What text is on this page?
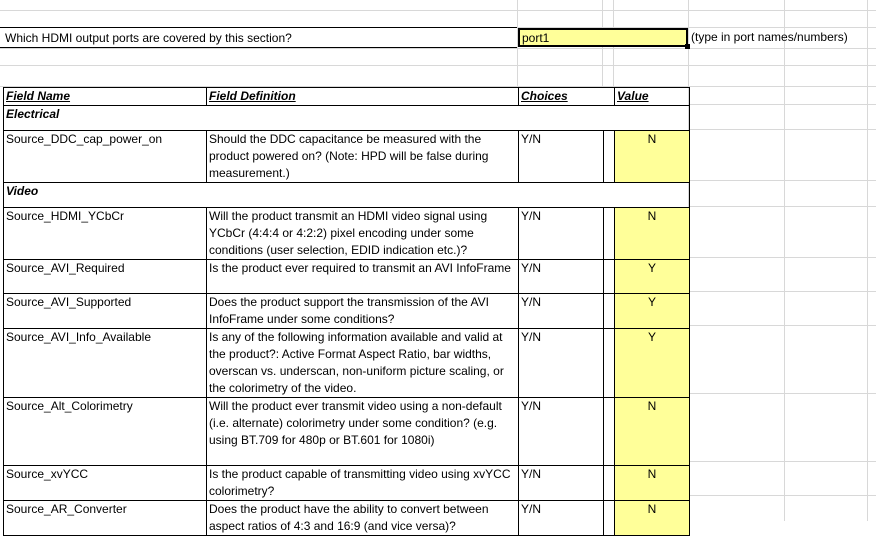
Which HDMI output ports are covered by this section?
port1	(type in port names/numbers)
Field Name	Field Definition	Choices		Value
Electrical				
Source_DDC_cap_power_on	Should the DDC capacitance be measured with the product powered on? (Note: HPD will be false during measurement.)	Y/N		N
Video				
Source_HDMI_YCbCr	Will the product transmit an HDMI video signal using YCbCr (4:4:4 or 4:2:2) pixel encoding under some conditions (user selection, EDID indication etc.)?	Y/N		N
Source_AVI_Required	Is the product ever required to transmit an AVI InfoFrame	Y/N		Y
Source_AVI_Supported	Does the product support the transmission of the AVI InfoFrame under some conditions?	Y/N		Y
Source_AVI_Info_Available	Is any of the following information available and valid at the product?: Active Format Aspect Ratio, bar widths, overscan vs. underscan, non-uniform picture scaling, or the colorimetry of the video.	Y/N		Y
Source_Alt_Colorimetry	Will the product ever transmit video using a non-default (i.e. alternate) colorimetry under some condition? (e.g. using BT.709 for 480p or BT.601 for 1080i)	Y/N		N
Source_xvYCC	Is the product capable of transmitting video using xvYCC colorimetry?	Y/N		N
Source_AR_Converter	Does the product have the ability to convert between aspect ratios of 4:3 and 16:9 (and vice versa)?	Y/N		N
